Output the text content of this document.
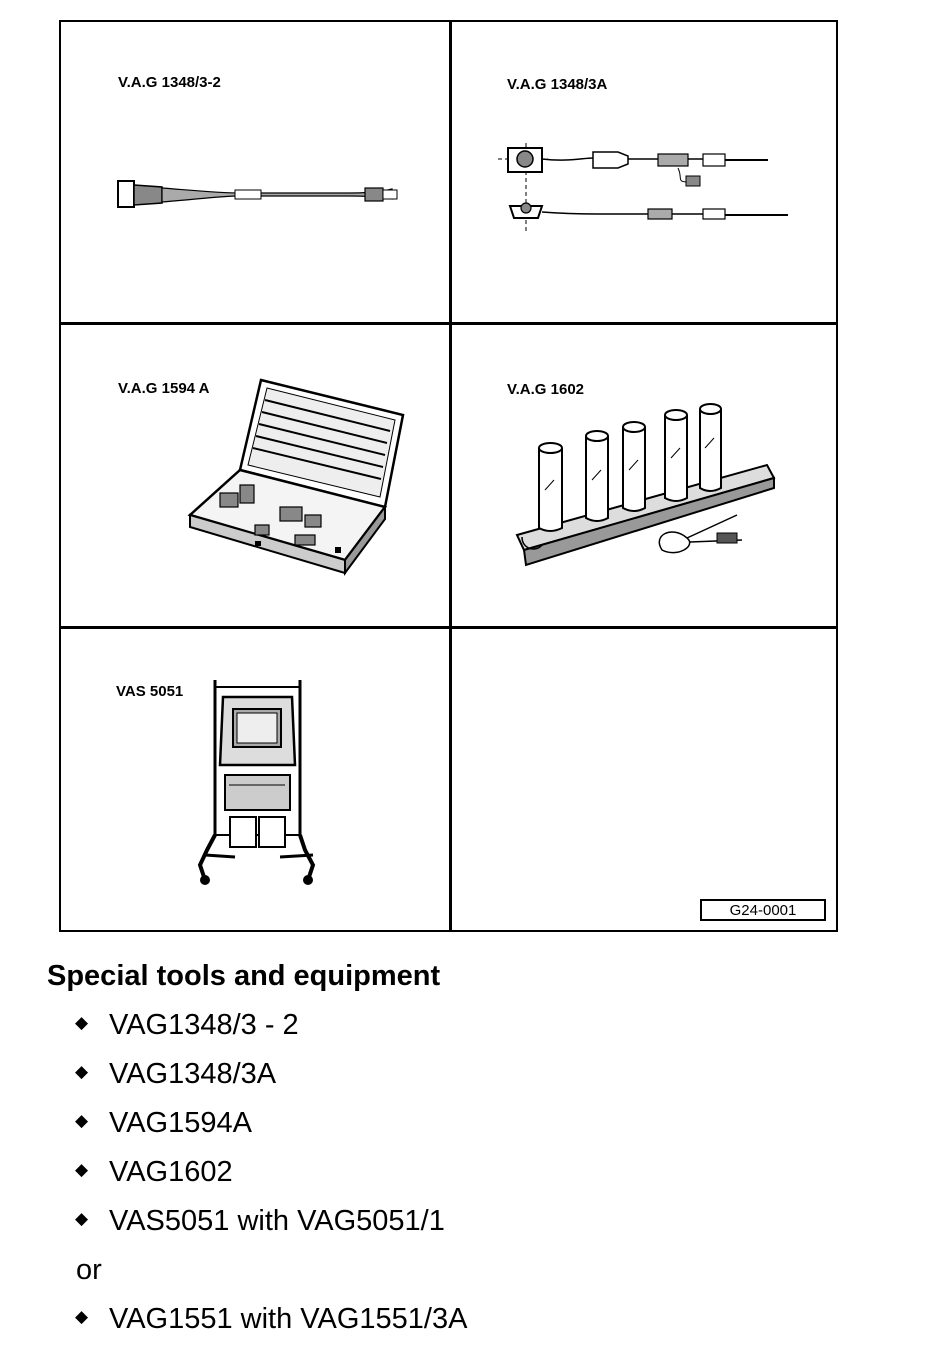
V.A.G 1348/3-2	V.A.G 1348/3A
V.A.G 1594 A	V.A.G 1602
VAS 5051
G24-0001
Special tools and equipment
◆ VAG1348/3 - 2
◆ VAG1348/3A
◆ VAG1594A
◆ VAG1602
◆ VAS5051 with VAG5051/1
or
◆ VAG1551 with VAG1551/3A
